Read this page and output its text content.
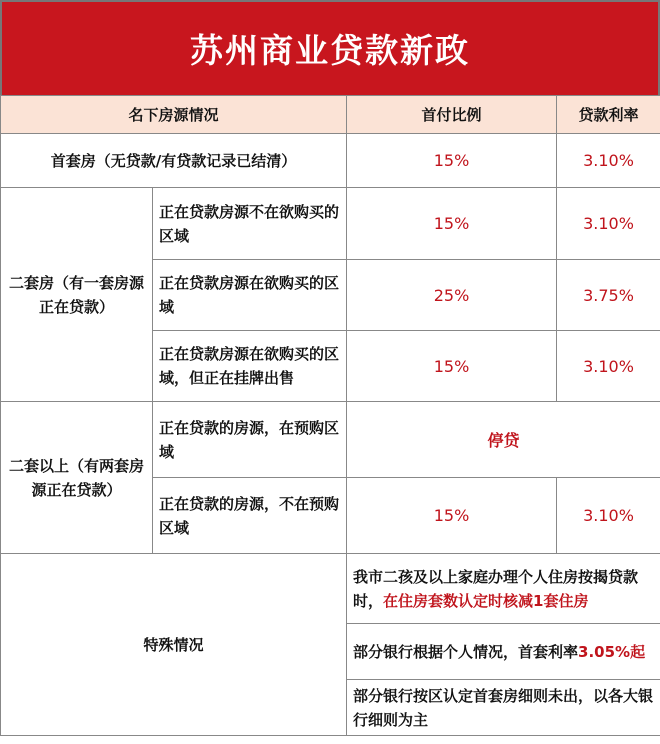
苏州商业贷款新政
名下房源情况		首付比例	贷款利率
首套房（无贷款/有贷款记录已结清）		15%	3.10%
二套房（有一套房源正在贷款）	正在贷款房源不在欲购买的区域	15%	3.10%
	正在贷款房源在欲购买的区域	25%	3.75%
	正在贷款房源在欲购买的区域，但正在挂牌出售	15%	3.10%
二套以上（有两套房源正在贷款）	正在贷款的房源，在预购区域	停贷	
	正在贷款的房源，不在预购区域	15%	3.10%
特殊情况		我市二孩及以上家庭办理个人住房按揭贷款时，在住房套数认定时核减1套住房	
		部分银行根据个人情况，首套利率3.05%起	
		部分银行按区认定首套房细则未出，以各大银行细则为主	
